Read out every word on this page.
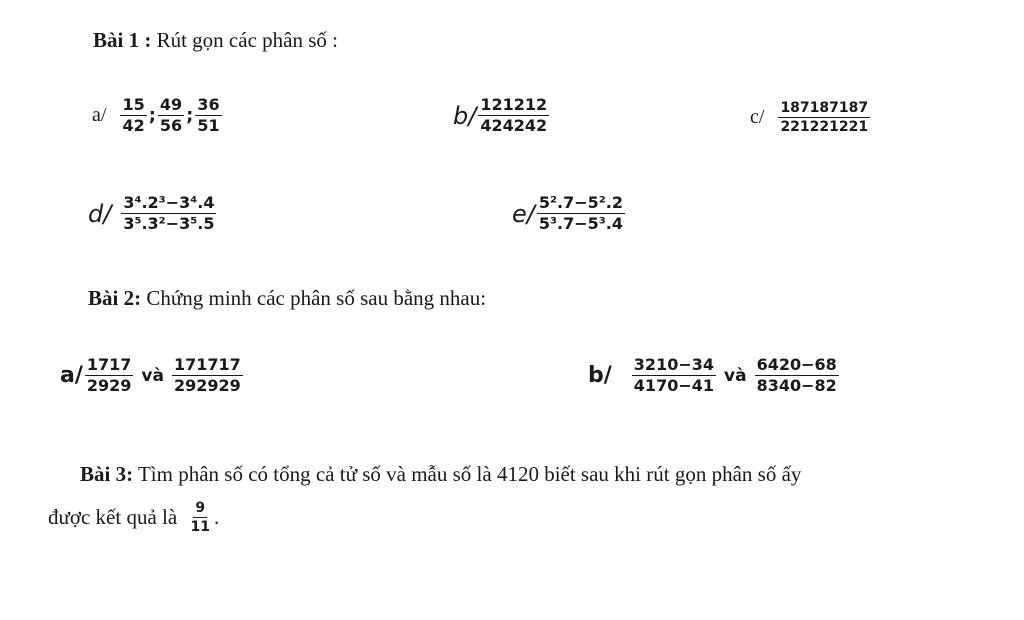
Bài 1 : Rút gọn các phân số :
$a/ \frac{15}{42}$ ; $\frac{49}{56}$ ; $\frac{36}{51}$	$b/ \frac{121212}{424242}$	$c/ \frac{187187187}{221221221}$
$d/ \frac{\text{3⁴.2³−3⁴.4}}{\text{3⁵.3²−3⁵.5}}$	$e/ \frac{\text{5².7−5².2}}{\text{5³.7−5³.4}}$
Bài 2: Chứng minh các phân số sau bằng nhau:
$a/ \frac{1717}{2929}$ và $\frac{171717}{292929}$	$b/ \frac{3210-34}{4170-41}$ và $\frac{6420-68}{8340-82}$
Bài 3: Tìm phân số có tổng cả tử số và mẫu số là 4120 biết sau khi rút gọn phân số ấy
được kết quả là $\frac{9}{11}$ .
